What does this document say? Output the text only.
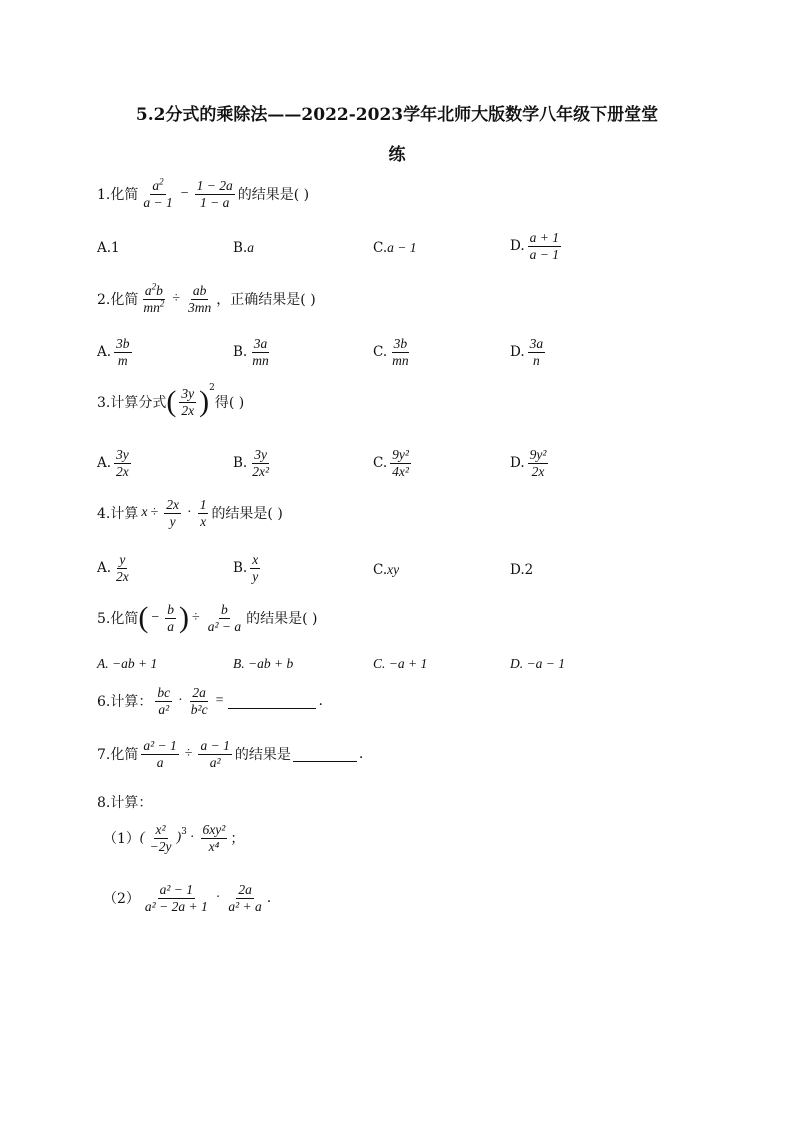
5.2分式的乘除法——2022-2023学年北师大版数学八年级下册堂堂
练
1.化简 $\frac{a^2}{a - 1} - \frac{1 - 2a}{1 - a}$ 的结果是( )
A.1	B. a	C. a − 1	D. $\frac{a + 1}{a - 1}$
2.化简 $\frac{a^2b}{mn^2} \div \frac{ab}{3mn}$ ，正确结果是( )
A. $\frac{3b}{m}$	B. $\frac{3a}{mn}$	C. $\frac{3b}{mn}$	D. $\frac{3a}{n}$
3.计算分式 ( $\frac{3y}{2x}$ ) 2
得( )
A. $\frac{3y}{2x}$	B. $\frac{3y}{\text{2x²}}$	C. $\frac{\text{9y²}}{\text{4x²}}$	D. $\frac{\text{9y²}}{2x}$
4.计算 $x \div \frac{2x}{y} \cdot \frac{1}{x}$ 的结果是( )
A. $\frac{y}{2x}$	B. $\frac{x}{y}$	C. xy	D.2
5.化简 ( − $\frac{b}{a}$ ) ÷ $\frac{b}{\text{a² − a}}$ 的结果是( )
A. −ab + 1	B. −ab + b	C. −a + 1	D. −a − 1
6.计算： $\frac{bc}{\text{a²}} \cdot \frac{2a}{\text{b²c}}$ =	.
7.化简 $\frac{\text{a² − 1}}{a} \div \frac{a - 1}{\text{a²}}$ 的结果是	.
8.计算：
（1） ( $\frac{\text{x²}}{-2y}$ ) $3 \cdot \frac{\text{6xy²}}{\text{x⁴}}$ ；
$(2) \frac{\text{a² − 1}}{\text{a² − 2a + 1}} \cdot \frac{2a}{\text{a² + a}}$ .
